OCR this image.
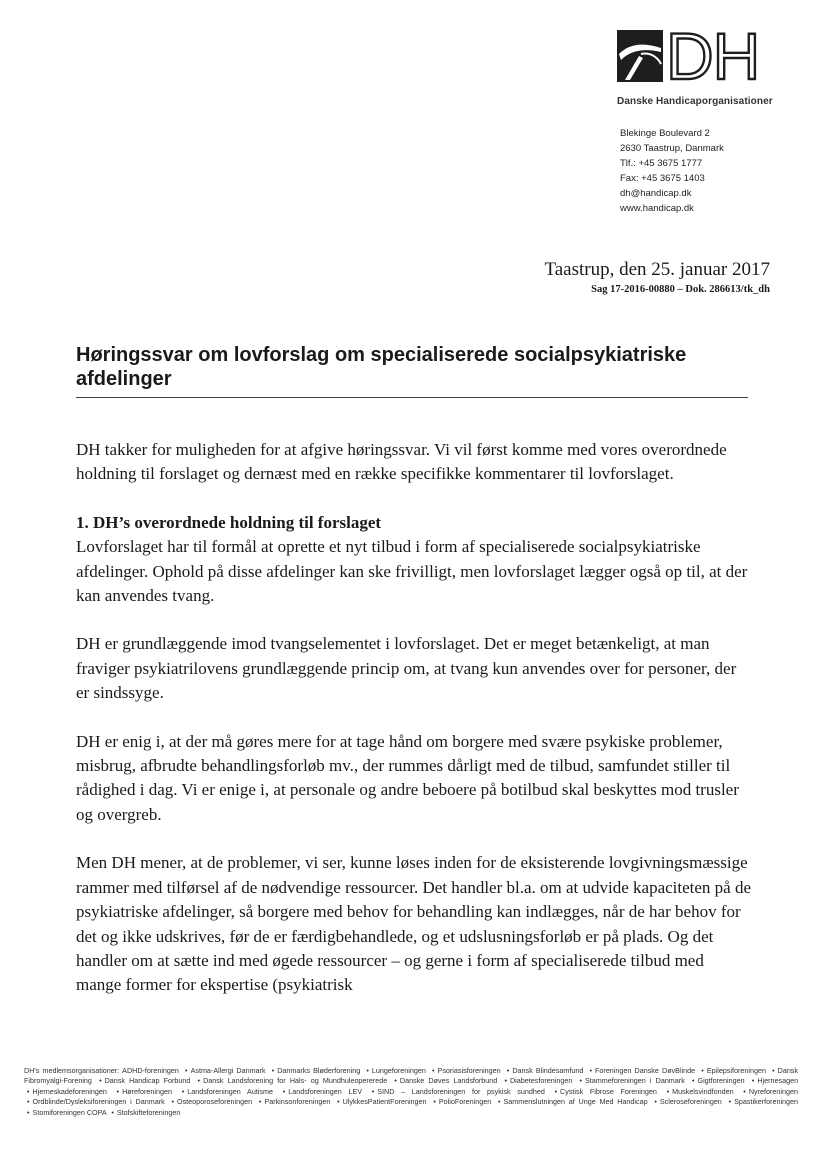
DH
Danske Handicaporganisationer
Blekinge Boulevard 2
2630 Taastrup, Danmark
Tlf.: +45 3675 1777
Fax: +45 3675 1403
dh@handicap.dk
www.handicap.dk
Taastrup, den 25. januar 2017
Sag 17-2016-00880 – Dok. 286613/tk_dh
Høringssvar om lovforslag om specialiserede socialpsykiatriske afdelinger

DH takker for muligheden for at afgive høringssvar. Vi vil først komme med vores overordnede holdning til forslaget og dernæst med en række specifikke kommentarer til lovforslaget.

1. DH’s overordnede holdning til forslaget
Lovforslaget har til formål at oprette et nyt tilbud i form af specialiserede socialpsykiatriske afdelinger. Ophold på disse afdelinger kan ske frivilligt, men lovforslaget lægger også op til, at der kan anvendes tvang.

DH er grundlæggende imod tvangselementet i lovforslaget. Det er meget betænkeligt, at man fraviger psykiatrilovens grundlæggende princip om, at tvang kun anvendes over for personer, der er sindssyge.

DH er enig i, at der må gøres mere for at tage hånd om borgere med svære psykiske problemer, misbrug, afbrudte behandlingsforløb mv., der rummes dårligt med de tilbud, samfundet stiller til rådighed i dag. Vi er enige i, at personale og andre beboere på botilbud skal beskyttes mod trusler og overgreb.

Men DH mener, at de problemer, vi ser, kunne løses inden for de eksisterende lovgivningsmæssige rammer med tilførsel af de nødvendige ressourcer. Det handler bl.a. om at udvide kapaciteten på de psykiatriske afdelinger, så borgere med behov for behandling kan indlægges, når de har behov for det og ikke udskrives, før de er færdigbehandlede, og et udslusningsforløb er på plads. Og det handler om at sætte ind med øgede ressourcer – og gerne i form af specialiserede tilbud med mange former for ekspertise (psykiatrisk

DH's medlemsorganisationer: ADHD-foreningen • Astma-Allergi Danmark • Danmarks Bløderforening • Lungeforeningen • Psoriasisforeningen • Dansk Blindesamfund • Foreningen Danske DøvBlinde • Epilepsiforeningen • Dansk Fibromyalgi-Forening • Dansk Handicap Forbund • Dansk Landsforening for Hals- og Mundhuleopererede • Danske Døves Landsforbund • Diabetesforeningen • Stammeforeningen i Danmark • Gigtforeningen • Hjernesagen • Hjerneskadeforeningen • Høreforeningen • Landsforeningen Autisme • Landsforeningen LEV • SIND – Landsforeningen for psykisk sundhed • Cystisk Fibrose Foreningen • Muskelsvindfonden • Nyreforeningen • Ordblinde/Dysleksiforeningen i Danmark • Osteoporoseforeningen • Parkinsonforeningen • UlykkesPatientForeningen • PolioForeningen • Sammenslutningen af Unge Med Handicap • Scleroseforeningen • Spastikerforeningen • Stomiforeningen COPA • Stofskifteforeningen
